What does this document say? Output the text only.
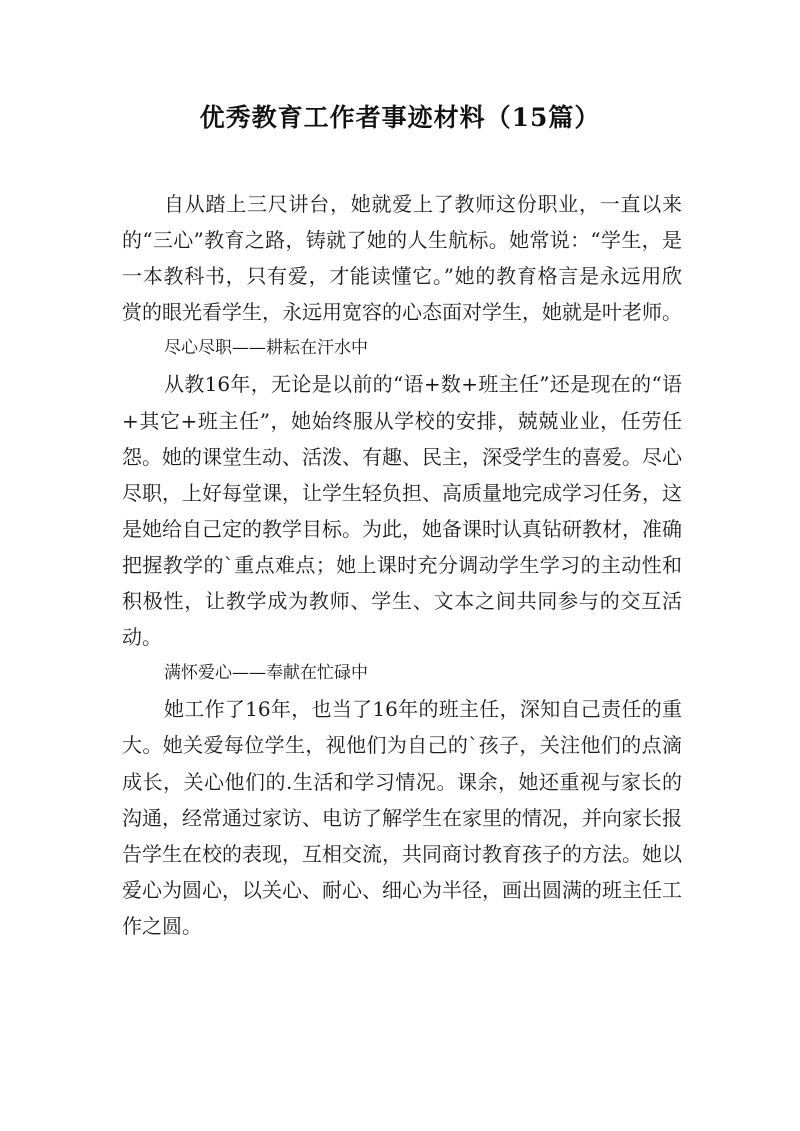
优秀教育工作者事迹材料（15篇）

自从踏上三尺讲台，她就爱上了教师这份职业，一直以来的“三心”教育之路，铸就了她的人生航标。她常说：“学生，是一本教科书，只有爱，才能读懂它。”她的教育格言是永远用欣赏的眼光看学生，永远用宽容的心态面对学生，她就是叶老师。

尽心尽职——耕耘在汗水中

从教16年，无论是以前的“语+数+班主任”还是现在的“语+其它+班主任”，她始终服从学校的安排，兢兢业业，任劳任怨。她的课堂生动、活泼、有趣、民主，深受学生的喜爱。尽心尽职，上好每堂课，让学生轻负担、高质量地完成学习任务，这是她给自己定的教学目标。为此，她备课时认真钻研教材，准确把握教学的`重点难点；她上课时充分调动学生学习的主动性和积极性，让教学成为教师、学生、文本之间共同参与的交互活动。

满怀爱心——奉献在忙碌中

她工作了16年，也当了16年的班主任，深知自己责任的重大。她关爱每位学生，视他们为自己的`孩子，关注他们的点滴成长，关心他们的.生活和学习情况。课余，她还重视与家长的沟通，经常通过家访、电访了解学生在家里的情况，并向家长报告学生在校的表现，互相交流，共同商讨教育孩子的方法。她以爱心为圆心，以关心、耐心、细心为半径，画出圆满的班主任工作之圆。
